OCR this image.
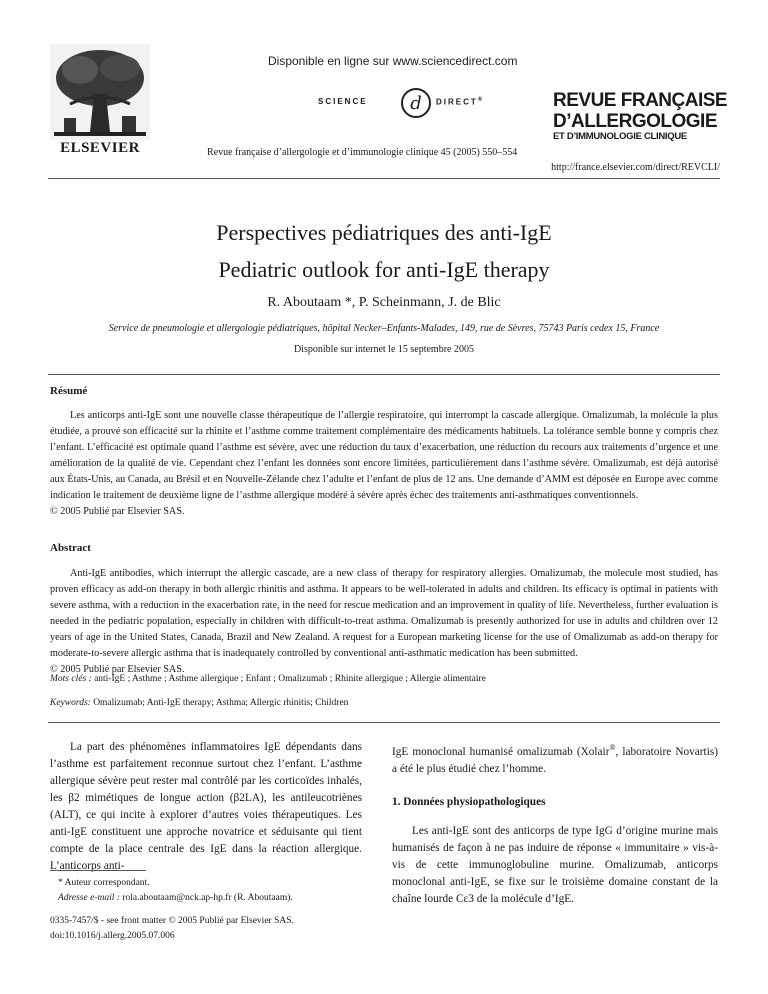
ELSEVIER
Disponible en ligne sur www.sciencedirect.com
SCIENCE d DIRECT®
Revue française d’allergologie et d’immunologie clinique 45 (2005) 550–554
REVUE FRANÇAISE
D’ALLERGOLOGIE
ET D’IMMUNOLOGIE CLINIQUE
http://france.elsevier.com/direct/REVCLI/
Perspectives pédiatriques des anti-IgE
Pediatric outlook for anti-IgE therapy
R. Aboutaam *, P. Scheinmann, J. de Blic
Service de pneumologie et allergologie pédiatriques, hôpital Necker–Enfants-Malades, 149, rue de Sèvres, 75743 Paris cedex 15, France
Disponible sur internet le 15 septembre 2005
Résumé

Les anticorps anti-IgE sont une nouvelle classe thérapeutique de l’allergie respiratoire, qui interrompt la cascade allergique. Omalizumab, la molécule la plus étudiée, a prouvé son efficacité sur la rhinite et l’asthme comme traitement complémentaire des médicaments habituels. La tolérance semble bonne y compris chez l’enfant. L’efficacité est optimale quand l’asthme est sévère, avec une réduction du taux d’exacerbation, une réduction du recours aux traitements d’urgence et une amélioration de la qualité de vie. Cependant chez l’enfant les données sont encore limitées, particulièrement dans l’asthme sévère. Omalizumab, est déjà autorisé aux États-Unis, au Canada, au Brésil et en Nouvelle-Zélande chez l’adulte et l’enfant de plus de 12 ans. Une demande d’AMM est déposée en Europe avec comme indication le traitement de deuxième ligne de l’asthme allergique modéré à sévère après échec des traitements anti-asthmatiques conventionnels.

© 2005 Publié par Elsevier SAS.

Abstract

Anti-IgE antibodies, which interrupt the allergic cascade, are a new class of therapy for respiratory allergies. Omalizumab, the molecule most studied, has proven efficacy as add-on therapy in both allergic rhinitis and asthma. It appears to be well-tolerated in adults and children. Its efficacy is optimal in patients with severe asthma, with a reduction in the exacerbation rate, in the need for rescue medication and an improvement in quality of life. Nevertheless, further evaluation is needed in the pediatric population, especially in children with difficult-to-treat asthma. Omalizumab is presently authorized for use in adults and children over 12 years of age in the United States, Canada, Brazil and New Zealand. A request for a European marketing license for the use of Omalizumab as add-on therapy for moderate-to-severe allergic asthma that is inadequately controlled by conventional anti-asthmatic medication has been submitted.

© 2005 Publié par Elsevier SAS.

Mots clés : anti-IgE ; Asthme ; Asthme allergique ; Enfant ; Omalizumab ; Rhinite allergique ; Allergie alimentaire
Keywords: Omalizumab; Anti-IgE therapy; Asthma; Allergic rhinitis; Children

La part des phénomènes inflammatoires IgE dépendants dans l’asthme est parfaitement reconnue surtout chez l’enfant. L’asthme allergique sévère peut rester mal contrôlé par les corticoïdes inhalés, les β2 mimétiques de longue action (β2LA), les antileucotriènes (ALT), ce qui incite à explorer d’autres voies thérapeutiques. Les anti-IgE constituent une approche novatrice et séduisante qui tient compte de la place centrale des IgE dans la réaction allergique. L’anticorps anti-

IgE monoclonal humanisé omalizumab (Xolair®, laboratoire Novartis) a été le plus étudié chez l’homme.

1. Données physiopathologiques

Les anti-IgE sont des anticorps de type IgG d’origine murine mais humanisés de façon à ne pas induire de réponse « immunitaire » vis-à-vis de cette immunoglobuline murine. Omalizumab, anticorps monoclonal anti-IgE, se fixe sur le troisième domaine constant de la chaîne lourde Cε3 de la molécule d’IgE.

* Auteur correspondant.
Adresse e-mail : rola.aboutaam@nck.ap-hp.fr (R. Aboutaam).
0335-7457/$ - see front matter © 2005 Publié par Elsevier SAS.
doi:10.1016/j.allerg.2005.07.006
